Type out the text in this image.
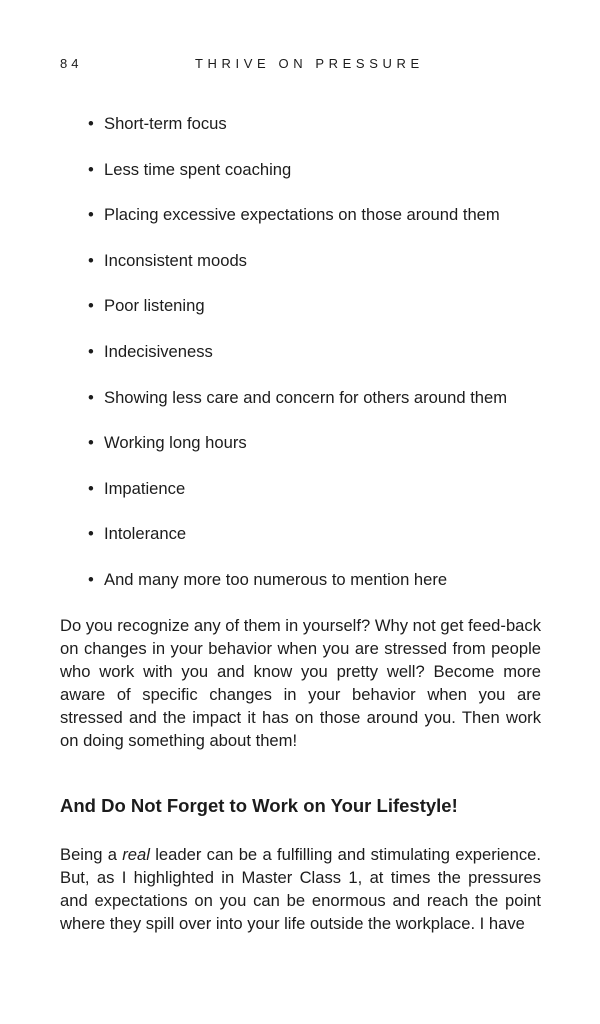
84	THRIVE ON PRESSURE
• Short-term focus
• Less time spent coaching
• Placing excessive expectations on those around them
• Inconsistent moods
• Poor listening
• Indecisiveness
• Showing less care and concern for others around them
• Working long hours
• Impatience
• Intolerance
• And many more too numerous to mention here

Do you recognize any of them in yourself? Why not get feed-back on changes in your behavior when you are stressed from people who work with you and know you pretty well? Become more aware of specific changes in your behavior when you are stressed and the impact it has on those around you. Then work on doing something about them!

And Do Not Forget to Work on Your Lifestyle!

Being a real leader can be a fulfilling and stimulating experience. But, as I highlighted in Master Class 1, at times the pressures and expectations on you can be enormous and reach the point where they spill over into your life outside the workplace. I have
